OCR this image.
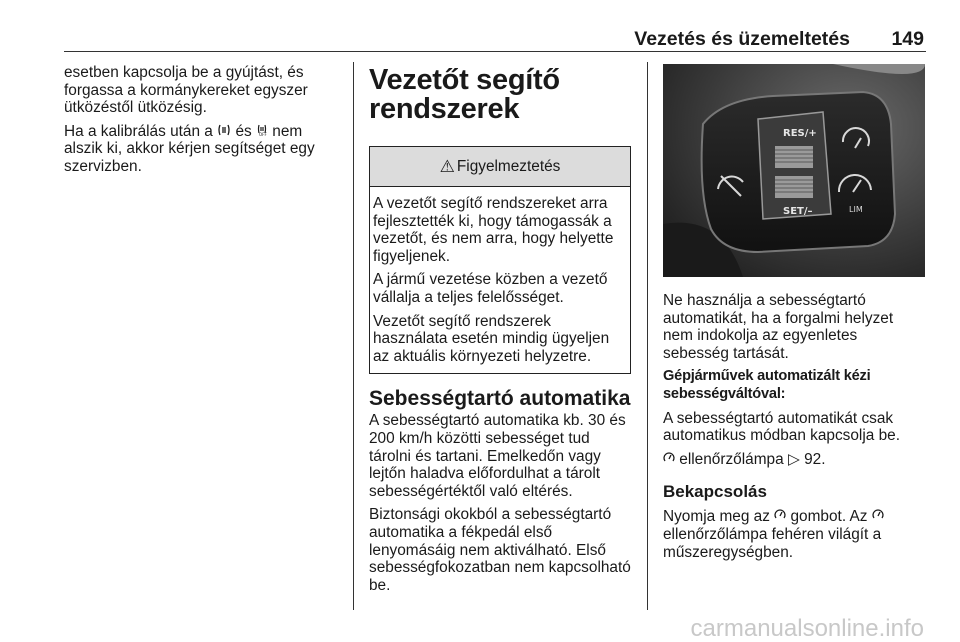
Vezetés és üzemeltetés 149

esetben kapcsolja be a gyújtást, és forgassa a kormánykereket egyszer ütközéstől ütközésig.

Ha a kalibrálás után a és OFF nem alszik ki, akkor kérjen segítséget egy szervizben.

Vezetőt segítő rendszerek
⚠ Figyelmeztetés

A vezetőt segítő rendszereket arra fejlesztették ki, hogy támogassák a vezetőt, és nem arra, hogy helyette figyeljenek.

A jármű vezetése közben a vezető vállalja a teljes felelősséget.

Vezetőt segítő rendszerek használata esetén mindig ügyeljen az aktuális környezeti helyzetre.

Sebességtartó automatika

A sebességtartó automatika kb. 30 és 200 km/h közötti sebességet tud tárolni és tartani. Emelkedőn vagy lejtőn haladva előfordulhat a tárolt sebességértéktől való eltérés.

Biztonsági okokból a sebességtartó automatika a fékpedál első lenyomásáig nem aktiválható. Első sebességfokozatban nem kapcsolható be.

RES/+
SET/–	LIM

Ne használja a sebességtartó automatikát, ha a forgalmi helyzet nem indokolja az egyenletes sebesség tartását.

Gépjárművek automatizált kézi sebességváltóval:

A sebességtartó automatikát csak automatikus módban kapcsolja be.

ellenőrzőlámpa ▷ 92.

Bekapcsolás

Nyomja meg az gombot. Az  ellenőrzőlámpa fehéren világít a műszeregységben.

carmanualsonline.info
